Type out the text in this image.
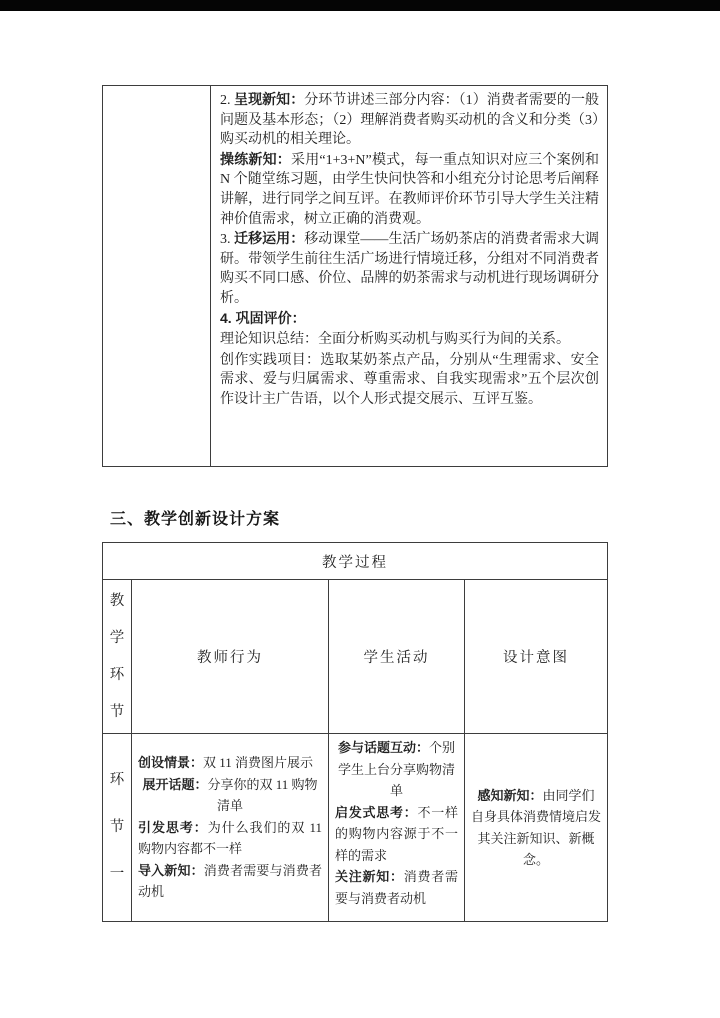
2. 呈现新知：分环节讲述三部分内容：（1）消费者需要的一般问题及基本形态；（2）理解消费者购买动机的含义和分类（3）购买动机的相关理论。

操练新知：采用“1+3+N”模式，每一重点知识对应三个案例和 N 个随堂练习题，由学生快问快答和小组充分讨论思考后阐释讲解，进行同学之间互评。在教师评价环节引导大学生关注精神价值需求，树立正确的消费观。

3. 迁移运用：移动课堂——生活广场奶茶店的消费者需求大调研。带领学生前往生活广场进行情境迁移，分组对不同消费者购买不同口感、价位、品牌的奶茶需求与动机进行现场调研分析。

4. 巩固评价：

理论知识总结：全面分析购买动机与购买行为间的关系。

创作实践项目：选取某奶茶点产品，分别从“生理需求、安全需求、爱与归属需求、尊重需求、自我实现需求”五个层次创作设计主广告语，以个人形式提交展示、互评互鉴。

三、教学创新设计方案
教学过程
教学环节
教师行为	学生活动	设计意图
环节一

创设情景：双 11 消费图片展示

展开话题：分享你的双 11 购物清单

引发思考：为什么我们的双 11 购物内容都不一样

导入新知：消费者需要与消费者动机

参与话题互动：个别学生上台分享购物清单

启发式思考：不一样的购物内容源于不一样的需求

关注新知：消费者需要与消费者动机

感知新知：由同学们自身具体消费情境启发其关注新知识、新概念。
